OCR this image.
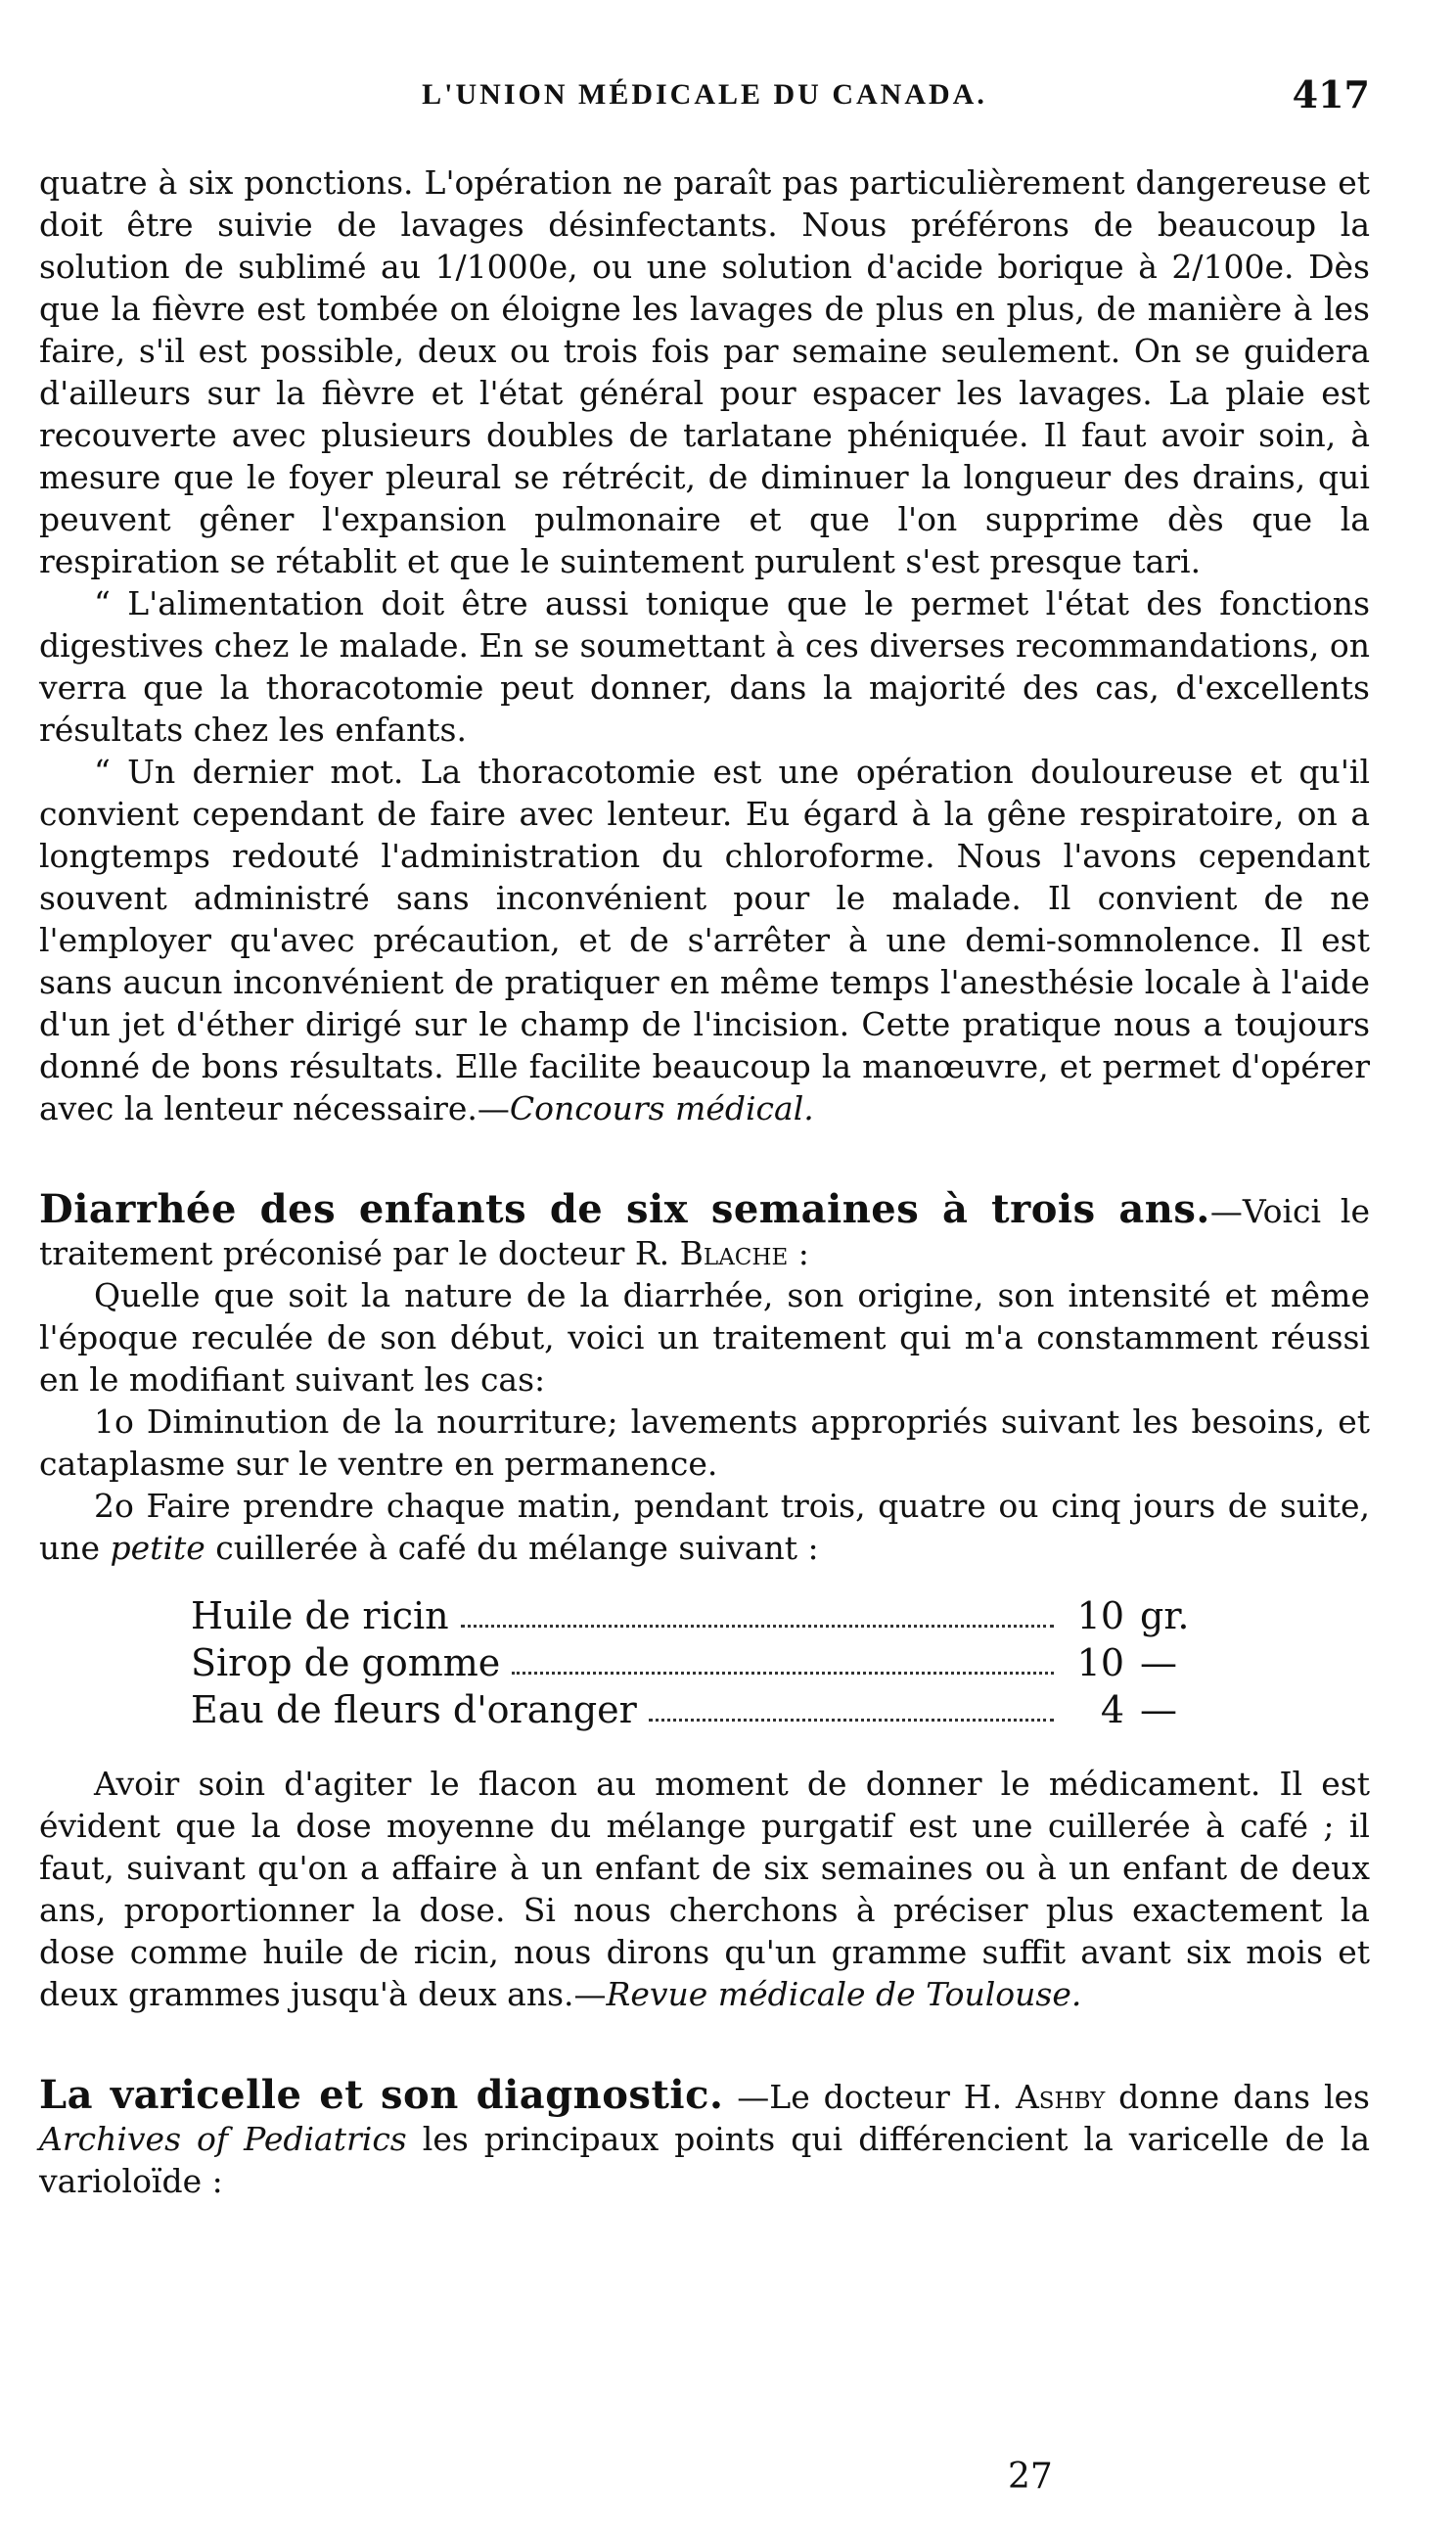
L'UNION MÉDICALE DU CANADA.	417

quatre à six ponctions. L'opération ne paraît pas particulièrement dangereuse et doit être suivie de lavages désinfectants. Nous préférons de beaucoup la solution de sublimé au 1/1000e, ou une solution d'acide borique à 2/100e. Dès que la fièvre est tombée on éloigne les lavages de plus en plus, de manière à les faire, s'il est possible, deux ou trois fois par semaine seulement. On se guidera d'ailleurs sur la fièvre et l'état général pour espacer les lavages. La plaie est recouverte avec plusieurs doubles de tarlatane phéniquée. Il faut avoir soin, à mesure que le foyer pleural se rétrécit, de diminuer la longueur des drains, qui peuvent gêner l'expansion pulmonaire et que l'on supprime dès que la respiration se rétablit et que le suintement purulent s'est presque tari.

“ L'alimentation doit être aussi tonique que le permet l'état des fonctions digestives chez le malade. En se soumettant à ces diverses recommandations, on verra que la thoracotomie peut donner, dans la majorité des cas, d'excellents résultats chez les enfants.

“ Un dernier mot. La thoracotomie est une opération douloureuse et qu'il convient cependant de faire avec lenteur. Eu égard à la gêne respiratoire, on a longtemps redouté l'administration du chloroforme. Nous l'avons cependant souvent administré sans inconvénient pour le malade. Il convient de ne l'employer qu'avec précaution, et de s'arrêter à une demi-somnolence. Il est sans aucun inconvénient de pratiquer en même temps l'anesthésie locale à l'aide d'un jet d'éther dirigé sur le champ de l'incision. Cette pratique nous a toujours donné de bons résultats. Elle facilite beaucoup la manœuvre, et permet d'opérer avec la lenteur nécessaire.—Concours médical.

Diarrhée des enfants de six semaines à trois ans.—Voici le traitement préconisé par le docteur R. Blache :

Quelle que soit la nature de la diarrhée, son origine, son intensité et même l'époque reculée de son début, voici un traitement qui m'a constamment réussi en le modifiant suivant les cas:

1o Diminution de la nourriture; lavements appropriés suivant les besoins, et cataplasme sur le ventre en permanence.

2o Faire prendre chaque matin, pendant trois, quatre ou cinq jours de suite, une petite cuillerée à café du mélange suivant :

Huile de ricin	10 gr.
Sirop de gomme	10 —
Eau de fleurs d'oranger	4 —

Avoir soin d'agiter le flacon au moment de donner le médicament. Il est évident que la dose moyenne du mélange purgatif est une cuillerée à café ; il faut, suivant qu'on a affaire à un enfant de six semaines ou à un enfant de deux ans, proportionner la dose. Si nous cherchons à préciser plus exactement la dose comme huile de ricin, nous dirons qu'un gramme suffit avant six mois et deux grammes jusqu'à deux ans.—Revue médicale de Toulouse.

La varicelle et son diagnostic. —Le docteur H. Ashby donne dans les Archives of Pediatrics les principaux points qui différencient la varicelle de la varioloïde :

27
